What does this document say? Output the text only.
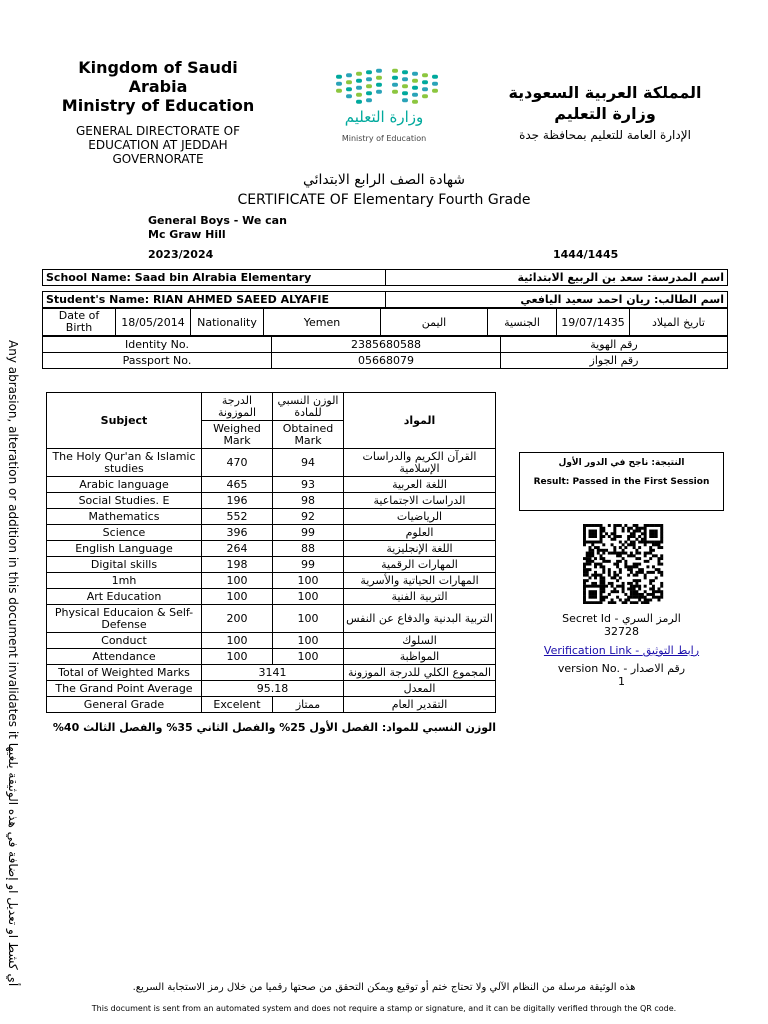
Kingdom of Saudi
Arabia
Ministry of Education
GENERAL DIRECTORATE OF EDUCATION AT JEDDAH GOVERNORATE
وزارة التعليم
Ministry of Education
المملكة العربية السعودية
وزارة التعليم
الإدارة العامة للتعليم بمحافظة جدة
شهادة الصف الرابع الابتدائي
CERTIFICATE OF Elementary Fourth Grade
General Boys - We can
Mc Graw Hill
2023/2024	1444/1445
School Name: Saad bin Alrabia Elementary	اسم المدرسة: سعد بن الربيع الابتدائية
Student's Name: RIAN AHMED SAEED ALYAFIE	اسم الطالب: ريان احمد سعيد اليافعي
Date of Birth	18/05/2014	Nationality	Yemen	اليمن	الجنسية	19/07/1435	تاريخ الميلاد
Identity No.	2385680588	رقم الهوية
Passport No.	05668079	رقم الجواز
Any abrasion, alteration or addition in this document invalidates it أي كشط او تعديل او إضافة في هذه الوثيقة يلغيها
Subject	الدرجة الموزونة	الوزن النسبي للمادة	المواد
	Weighed Mark	Obtained Mark	
The Holy Qur'an & Islamic studies	470	94	القرآن الكريم والدراسات الإسلامية
Arabic language	465	93	اللغة العربية
Social Studies. E	196	98	الدراسات الاجتماعية
Mathematics	552	92	الرياضيات
Science	396	99	العلوم
English Language	264	88	اللغة الإنجليزية
Digital skills	198	99	المهارات الرقمية
1mh	100	100	المهارات الحياتية والأسرية
Art Education	100	100	التربية الفنية
Physical Educaion & Self-Defense	200	100	التربية البدنية والدفاع عن النفس
Conduct	100	100	السلوك
Attendance	100	100	المواظبة
Total of Weighted Marks	3141		المجموع الكلي للدرجة الموزونة
The Grand Point Average	95.18		المعدل
General Grade	Excelent	ممتاز	التقدير العام
الوزن النسبي للمواد: الفصل الأول 25% والفصل الثاني 35% والفصل الثالث 40%
النتيجة: ناجح في الدور الأول
Result: Passed in the First Session
Secret Id - الرمز السري
32728
Verification Link - رابط التوثيق
version No. - رقم الاصدار
1
هذه الوثيقة مرسلة من النظام الآلي ولا تحتاج ختم أو توقيع ويمكن التحقق من صحتها رقميا من خلال رمز الاستجابة السريع.
This document is sent from an automated system and does not require a stamp or signature, and it can be digitally verified through the QR code.
